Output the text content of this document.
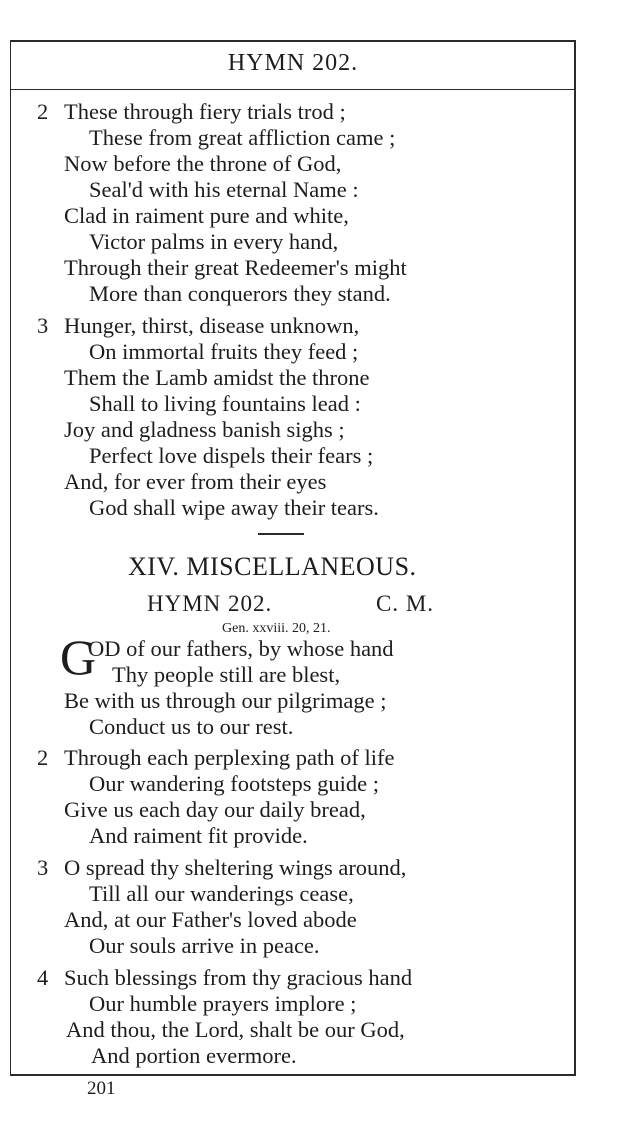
HYMN 202.
2 These through fiery trials trod ;
These from great affliction came ;
Now before the throne of God,
Seal'd with his eternal Name :
Clad in raiment pure and white,
Victor palms in every hand,
Through their great Redeemer's might
More than conquerors they stand.
3 Hunger, thirst, disease unknown,
On immortal fruits they feed ;
Them the Lamb amidst the throne
Shall to living fountains lead :
Joy and gladness banish sighs ;
Perfect love dispels their fears ;
And, for ever from their eyes
God shall wipe away their tears.
XIV. MISCELLANEOUS.
HYMN 202.	C. M.
Gen. xxviii. 20, 21.
G
OD of our fathers, by whose hand
Thy people still are blest,
Be with us through our pilgrimage ;
Conduct us to our rest.
2 Through each perplexing path of life
Our wandering footsteps guide ;
Give us each day our daily bread,
And raiment fit provide.
3 O spread thy sheltering wings around,
Till all our wanderings cease,
And, at our Father's loved abode
Our souls arrive in peace.
4 Such blessings from thy gracious hand
Our humble prayers implore ;
And thou, the Lord, shalt be our God,
And portion evermore.
201
